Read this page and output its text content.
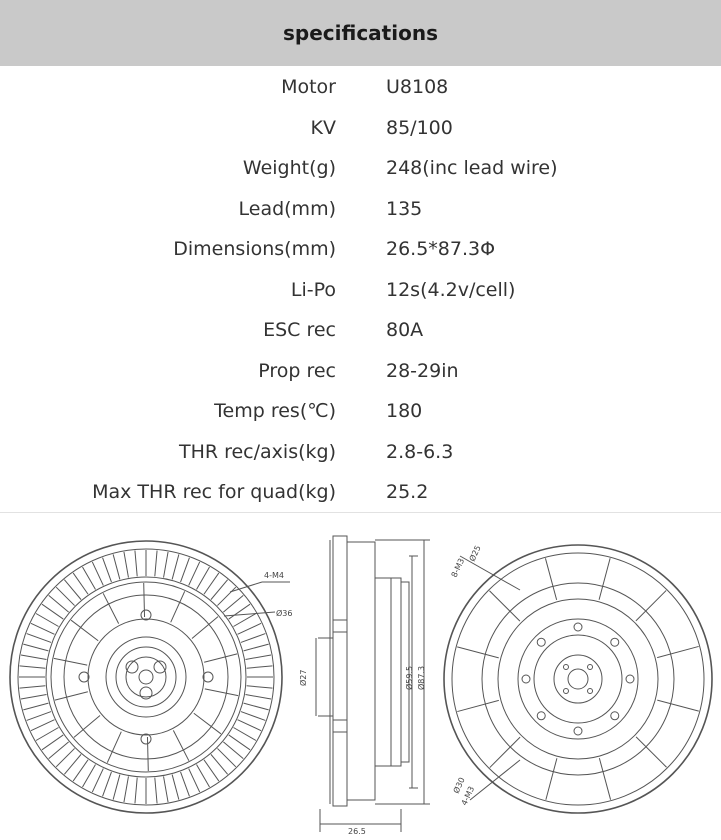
specifications
Motor	U8108
KV	85/100
Weight(g)	248(inc lead wire)
Lead(mm)	135
Dimensions(mm)	26.5*87.3Φ
Li-Po	12s(4.2v/cell)
ESC rec	80A
Prop rec	28-29in
Temp res(℃)	180
THR rec/axis(kg)	2.8-6.3
Max THR rec for quad(kg)	25.2
4-M4
Ø36
Ø27	Ø59.5 Ø87.3
26.5
8-M3
Ø25
Ø30
4-M3
